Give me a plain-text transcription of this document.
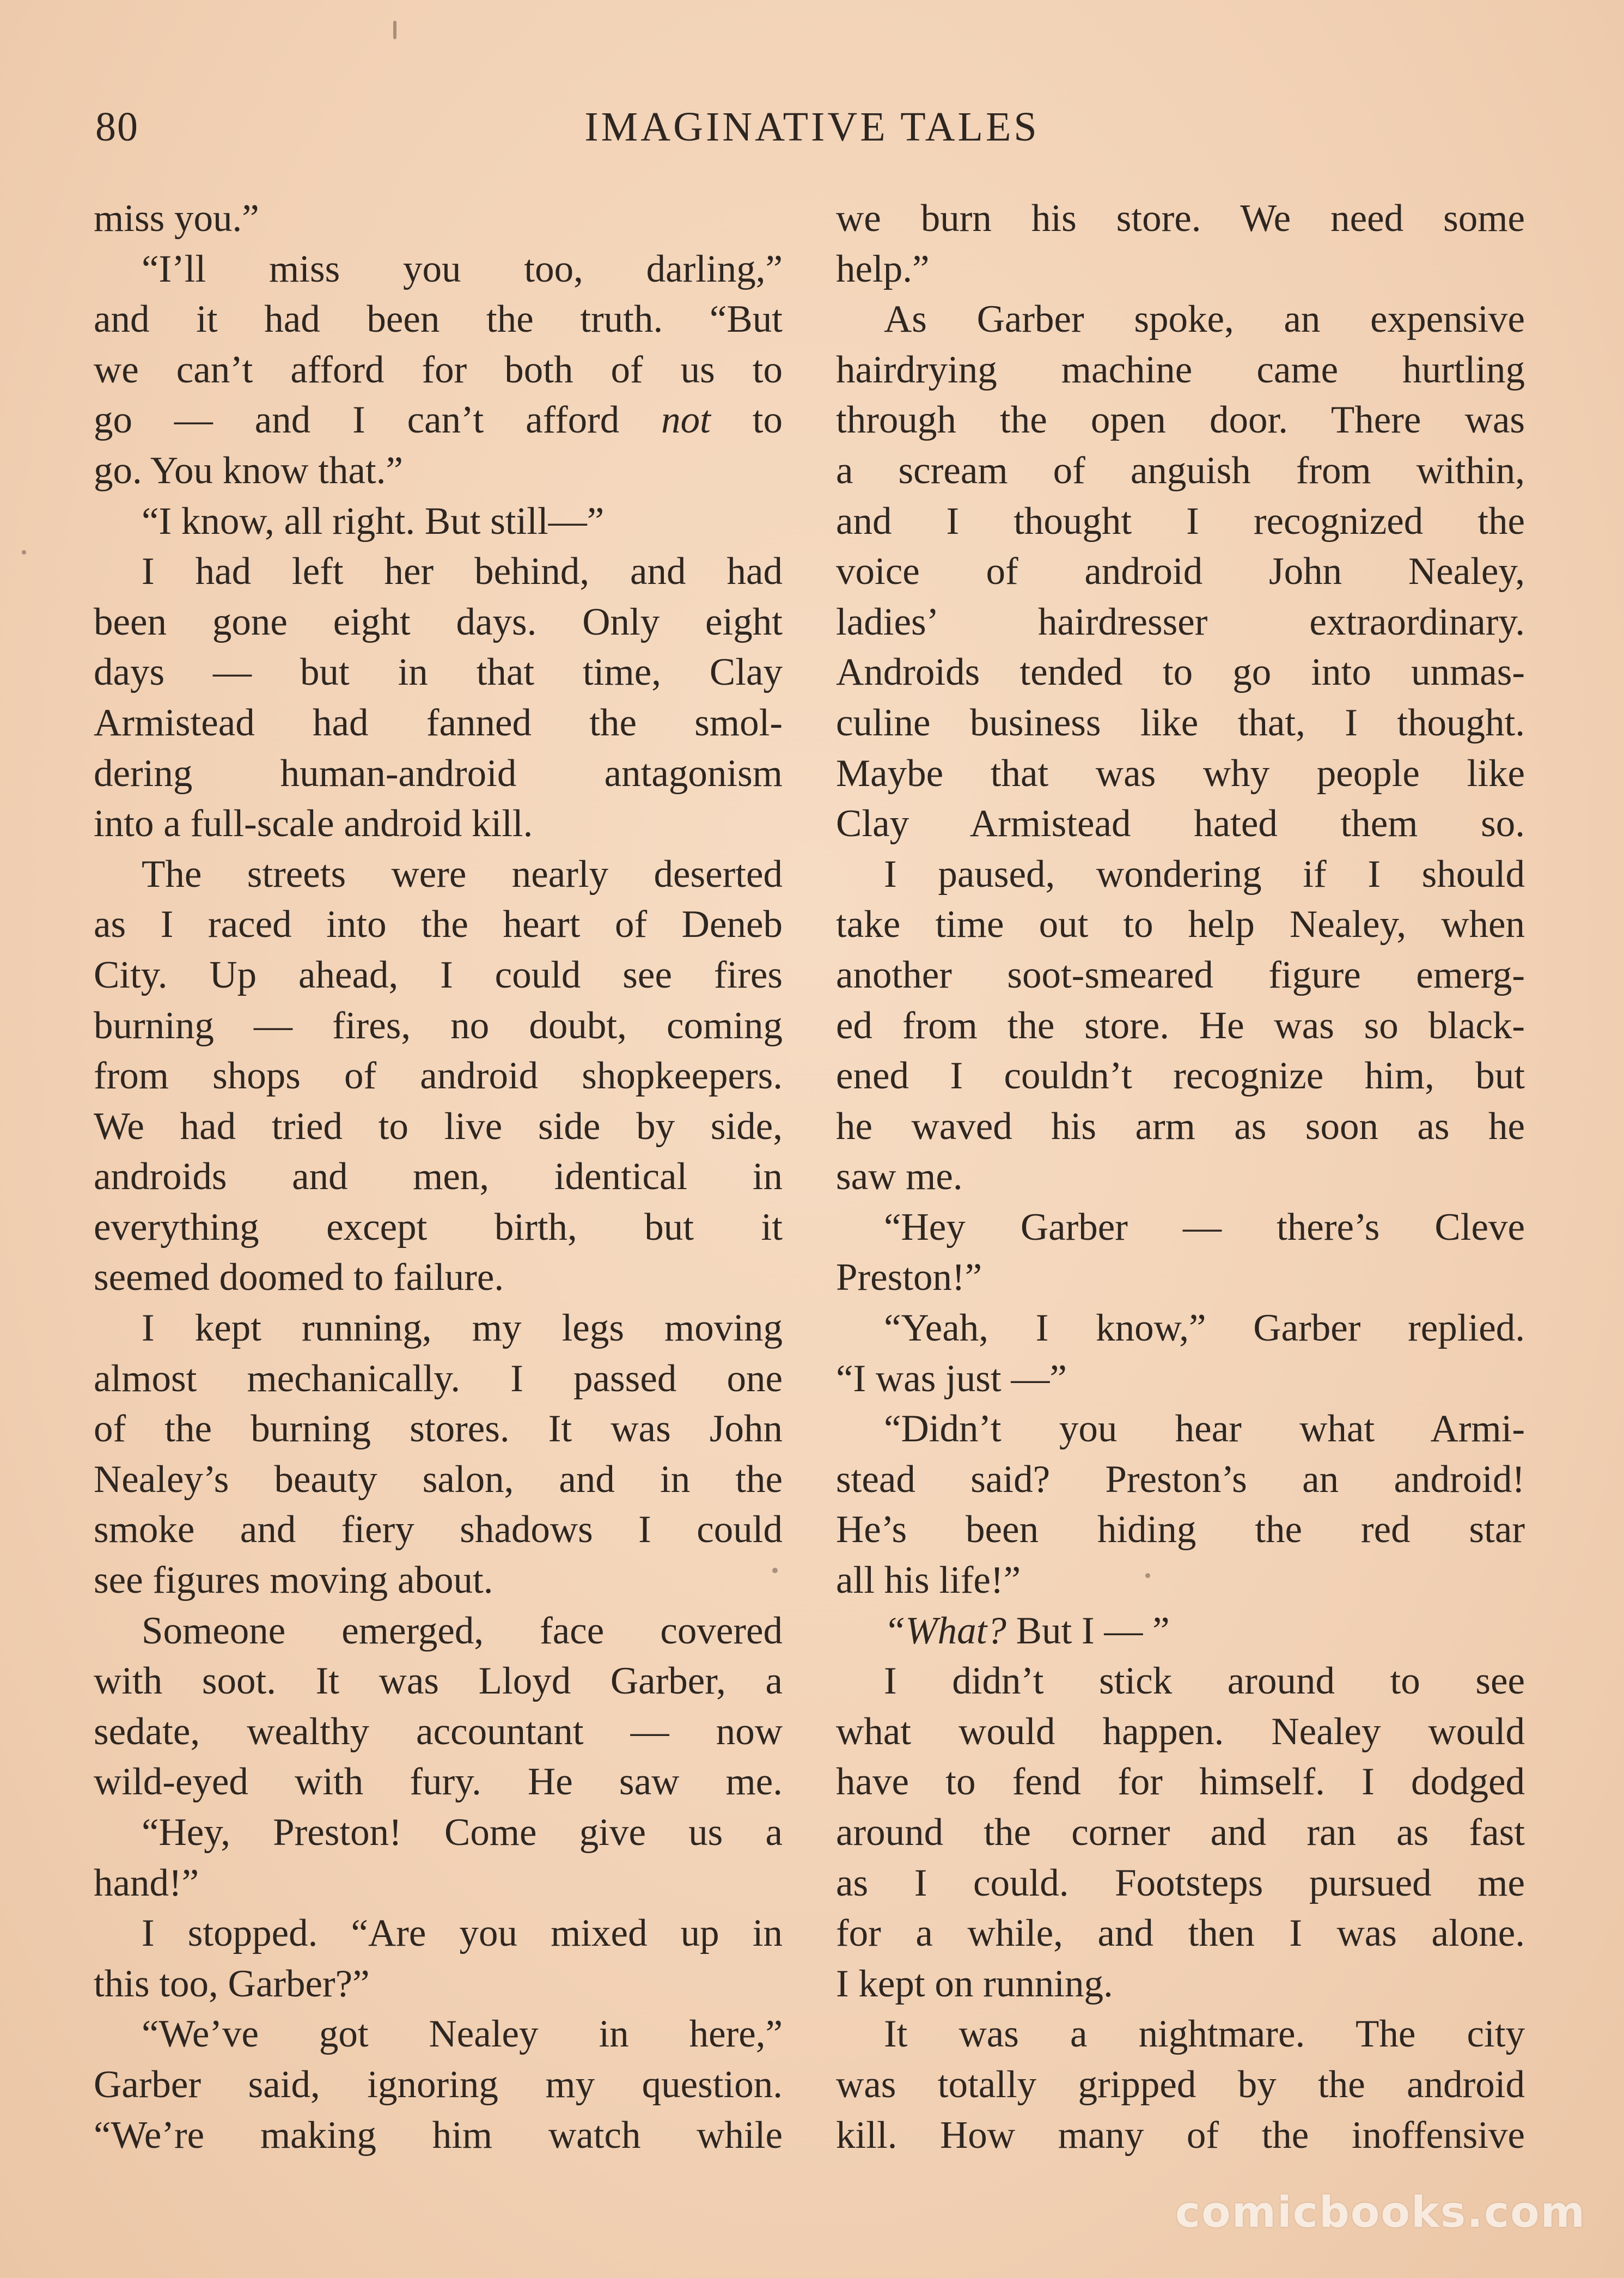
80	IMAGINATIVE TALES
miss you.”
“I’ll miss you too, darling,”
and it had been the truth. “But
we can’t afford for both of us to
go — and I can’t afford not to
go. You know that.”
“I know, all right. But still—”
I had left her behind, and had
been gone eight days. Only eight
days — but in that time, Clay
Armistead had fanned the smol-
dering human-android antagonism
into a full-scale android kill.
The streets were nearly deserted
as I raced into the heart of Deneb
City. Up ahead, I could see fires
burning — fires, no doubt, coming
from shops of android shopkeepers.
We had tried to live side by side,
androids and men, identical in
everything except birth, but it
seemed doomed to failure.
I kept running, my legs moving
almost mechanically. I passed one
of the burning stores. It was John
Nealey’s beauty salon, and in the
smoke and fiery shadows I could
see figures moving about.
Someone emerged, face covered
with soot. It was Lloyd Garber, a
sedate, wealthy accountant — now
wild-eyed with fury. He saw me.
“Hey, Preston! Come give us a
hand!”
I stopped. “Are you mixed up in
this too, Garber?”
“We’ve got Nealey in here,”
Garber said, ignoring my question.
“We’re making him watch while
we burn his store. We need some
help.”
As Garber spoke, an expensive
hairdrying machine came hurtling
through the open door. There was
a scream of anguish from within,
and I thought I recognized the
voice of android John Nealey,
ladies’ hairdresser extraordinary.
Androids tended to go into unmas-
culine business like that, I thought.
Maybe that was why people like
Clay Armistead hated them so.
I paused, wondering if I should
take time out to help Nealey, when
another soot-smeared figure emerg-
ed from the store. He was so black-
ened I couldn’t recognize him, but
he waved his arm as soon as he
saw me.
“Hey Garber — there’s Cleve
Preston!”
“Yeah, I know,” Garber replied.
“I was just —”
“Didn’t you hear what Armi-
stead said? Preston’s an android!
He’s been hiding the red star
all his life!”
“What? But I — ”
I didn’t stick around to see
what would happen. Nealey would
have to fend for himself. I dodged
around the corner and ran as fast
as I could. Footsteps pursued me
for a while, and then I was alone.
I kept on running.
It was a nightmare. The city
was totally gripped by the android
kill. How many of the inoffensive
comicbooks.com
